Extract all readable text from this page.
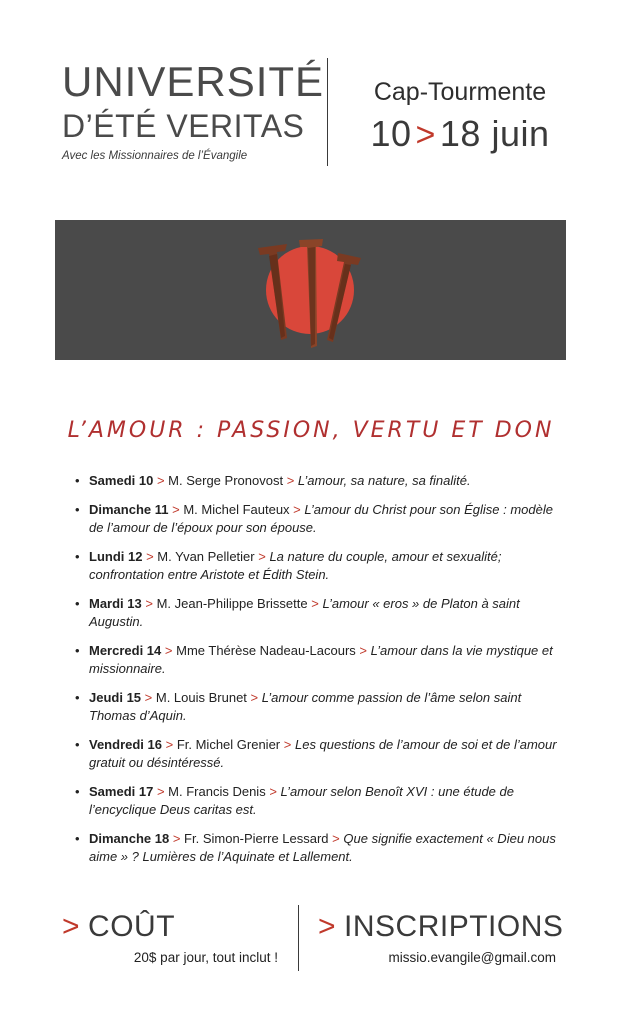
UNIVERSITÉ
D’ÉTÉ VERITAS
Avec les Missionnaires de l’Évangile
Cap-Tourmente
10 > 18 juin
L’AMOUR : PASSION, VERTU ET DON
• Samedi 10 > M. Serge Pronovost > L’amour, sa nature, sa finalité.
• Dimanche 11 > M. Michel Fauteux > L’amour du Christ pour son Église : modèle de l’amour de l’époux pour son épouse.
• Lundi 12 > M. Yvan Pelletier > La nature du couple, amour et sexualité; confrontation entre Aristote et Édith Stein.
• Mardi 13 > M. Jean-Philippe Brissette > L’amour « eros » de Platon à saint Augustin.
• Mercredi 14 > Mme Thérèse Nadeau-Lacours > L’amour dans la vie mystique et missionnaire.
• Jeudi 15 > M. Louis Brunet > L’amour comme passion de l’âme selon saint Thomas d’Aquin.
• Vendredi 16 > Fr. Michel Grenier > Les questions de l’amour de soi et de l’amour gratuit ou désintéressé.
• Samedi 17 > M. Francis Denis > L’amour selon Benoît XVI : une étude de l’encyclique Deus caritas est.
• Dimanche 18 > Fr. Simon-Pierre Lessard > Que signifie exactement « Dieu nous aime » ? Lumières de l’Aquinate et Lallement.
> COÛT
20$ par jour, tout inclut !
> INSCRIPTIONS
missio.evangile@gmail.com
